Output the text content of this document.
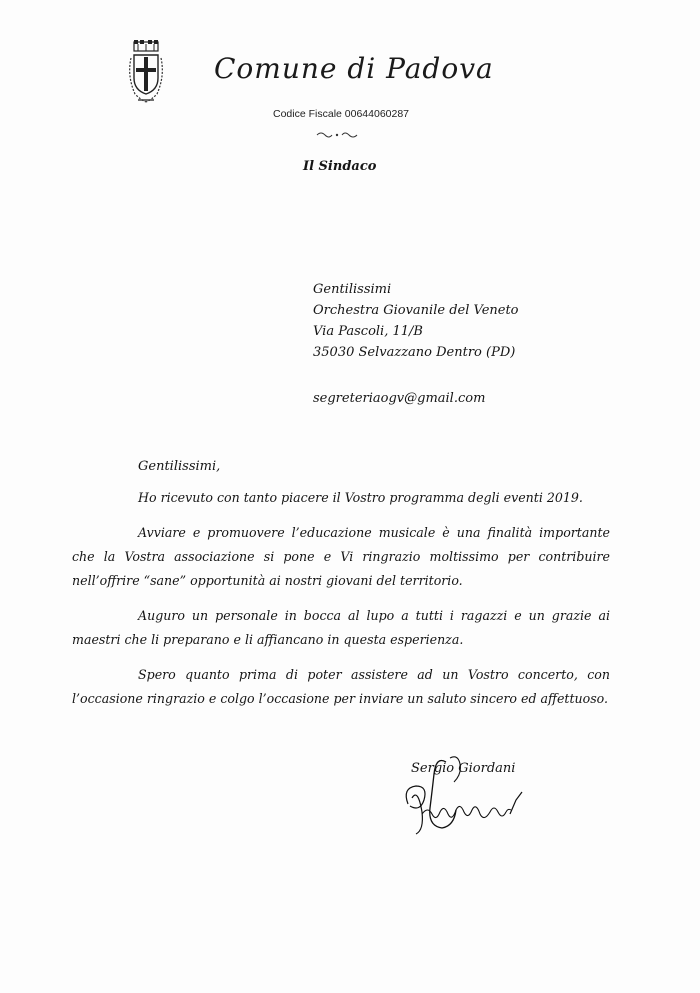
Comune di Padova
Codice Fiscale 00644060287
Il Sindaco
Gentilissimi
Orchestra Giovanile del Veneto
Via Pascoli, 11/B
35030 Selvazzano Dentro (PD)
segreteriaogv@gmail.com
Gentilissimi,

Ho ricevuto con tanto piacere il Vostro programma degli eventi 2019.

Avviare e promuovere l’educazione musicale è una finalità importante che la Vostra associazione si pone e Vi ringrazio moltissimo per contribuire nell’offrire “sane” opportunità ai nostri giovani del territorio.

Auguro un personale in bocca al lupo a tutti i ragazzi e un grazie ai maestri che li preparano e li affiancano in questa esperienza.

Spero quanto prima di poter assistere ad un Vostro concerto, con l’occasione ringrazio e colgo l’occasione per inviare un saluto sincero ed affettuoso.

Sergio Giordani
